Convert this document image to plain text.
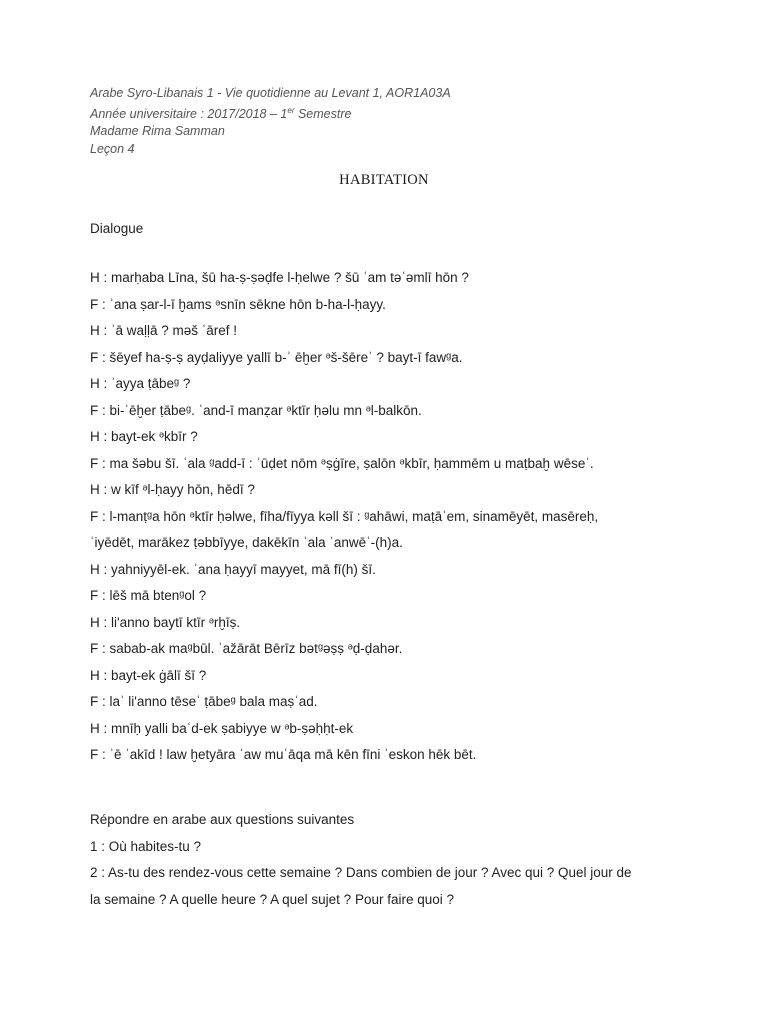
Arabe Syro-Libanais 1 - Vie quotidienne au Levant 1, AOR1A03A
Année universitaire : 2017/2018 – 1er Semestre
Madame Rima Samman
Leçon 4
HABITATION
Dialogue
H : marḥaba Līna, šū ha-ṣ-ṣəḍfe l-ḥelwe ? šū ʿam təʿəmlī hōn ?
F : ʾana ṣar-l-ī ḫams ᵊsnīn sēkne hōn b-ha-l-ḥayy.
H : ʾā waḷḷā ? məš ʿāref !
F : šēyef ha-ṣ-ṣ ayḍaliyye yallī b-ʾ ēḫer ᵊš-šēreʾ ? bayt-ī fawᵍa.
H : ʾayya ṭābeᵍ ?
F : bi-ʾēḫer ṭābeᵍ. ʿand-ī manẓar ᵊktīr ḥəlu mn ᵊl-balkōn.
H : bayt-ek ᵊkbīr ?
F : ma šəbu šī. ʿala ᵍadd-ī : ʾūḍet nōm ᵊṣġīre, ṣalōn ᵊkbīr, ḥammēm u maṭbaḫ wēseʿ.
H : w kīf ᵊl-ḥayy hōn, hēdī ?
F : l-manṭᵍa hōn ᵊktīr ḥəlwe, fīha/fīyya kəll šī : ᵍahāwi, maṭāʿem, sinamēyēt, masēreḥ,
ʿiyēdēt, marākez ṭəbbīyye, dakēkīn ʿala ʿanwēʿ-(h)a.
H : yahniyyēl-ek. ʾana ḥayyī mayyet, mā fī(h) šī.
F : lēš mā btenᵍol ?
H : li'anno baytī ktīr ᵊrḫīṣ.
F : sabab-ak maᵍbūl. ʾažārāt Bērīz bətᵍəṣṣ ᵊḍ-ḍahər.
H : bayt-ek ġālī šī ?
F : laʾ li'anno tēseʿ ṭābeᵍ bala maṣʿad.
H : mnīḥ yalli baʿd-ek ṣabiyye w ᵊb-ṣəḥḥt-ek
F : ʾē ʾakīd ! law ḫetyāra ʿaw muʿāqa mā kēn fīni ʾeskon hēk bēt.
Répondre en arabe aux questions suivantes
1 : Où habites-tu ?
2 : As-tu des rendez-vous cette semaine ? Dans combien de jour ? Avec qui ? Quel jour de
la semaine ? A quelle heure ? A quel sujet ? Pour faire quoi ?
